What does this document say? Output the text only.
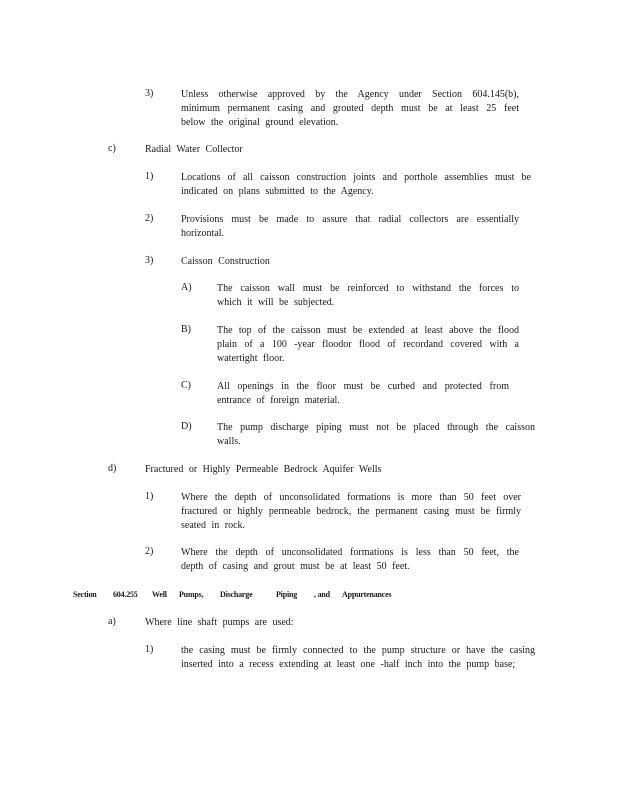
3)	Unless otherwise approved by the Agency under Section 604.145(b), minimum permanent casing and grouted depth must be at least 25 feet below the original ground elevation.
c)	Radial Water Collector
1)	Locations of all caisson construction joints and porthole assemblies must be indicated on plans submitted to the Agency.
2)	Provisions must be made to assure that radial collectors are essentially horizontal.
3)	Caisson Construction
A)	The caisson wall must be reinforced to withstand the forces to which it will be subjected.
B)	The top of the caisson must be extended at least above the flood plain of a 100 -year floodor flood of recordand covered with a watertight floor.
C)	All openings in the floor must be curbed and protected from entrance of foreign material.
D)	The pump discharge piping must not be placed through the caisson walls.
d)	Fractured or Highly Permeable Bedrock Aquifer Wells
1)	Where the depth of unconsolidated formations is more than 50 feet over fractured or highly permeable bedrock, the permanent casing must be firmly seated in rock.
2)	Where the depth of unconsolidated formations is less than 50 feet, the depth of casing and grout must be at least 50 feet.
Section	604.255	Well	Pumps,	Discharge	Piping	, and	Appurtenances
a)	Where line shaft pumps are used:
1)	the casing must be firmly connected to the pump structure or have the casing inserted into a recess extending at least one -half inch into the pump base;
